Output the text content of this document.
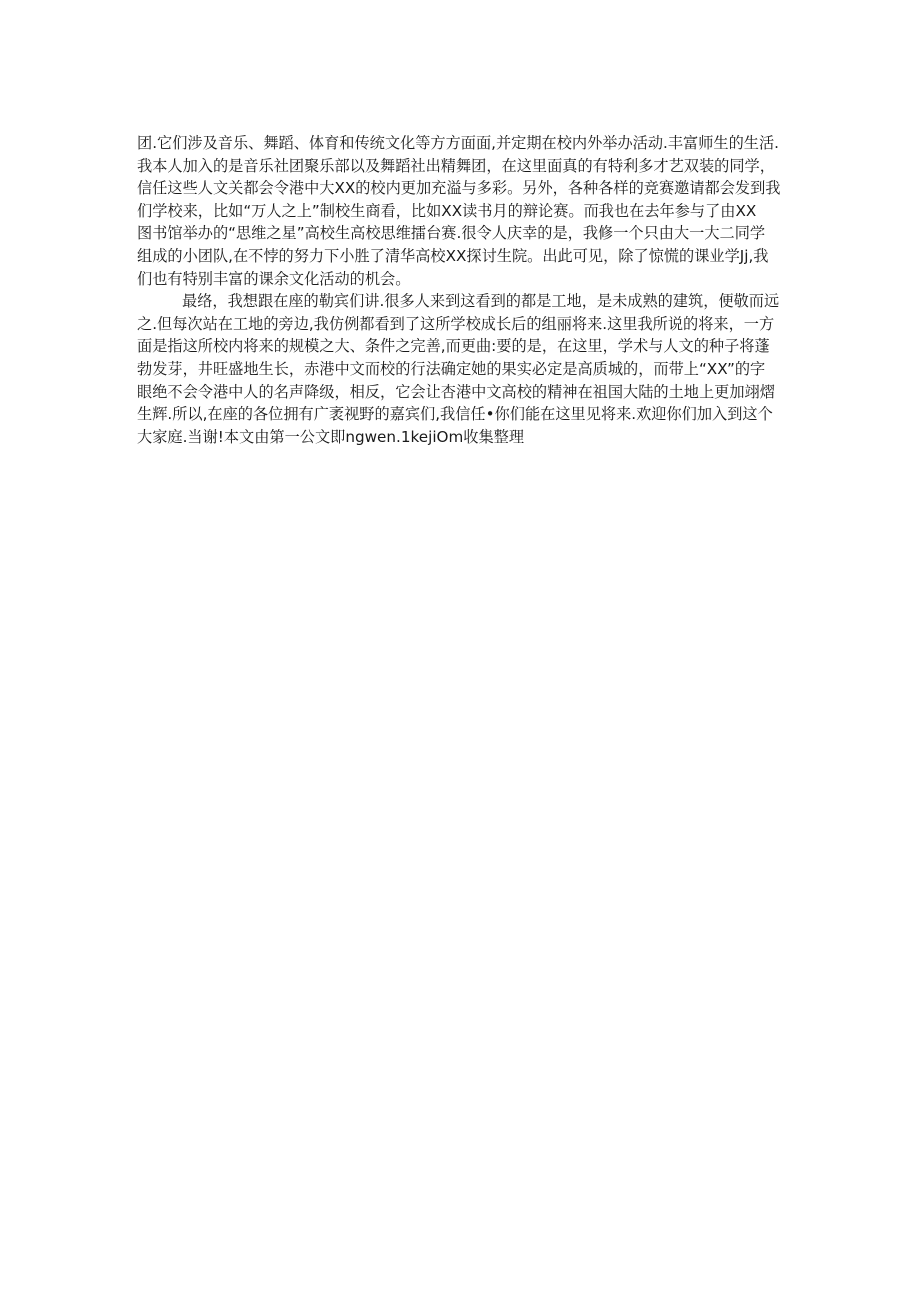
团.它们涉及音乐、舞蹈、体育和传统文化等方方面面,并定期在校内外举办活动.丰富师生的生活.
我本人加入的是音乐社团聚乐部以及舞蹈社出精舞团，在这里面真的有特利多才艺双装的同学，
信任这些人文关都会令港中大XX的校内更加充溢与多彩。另外，各种各样的竞赛邀请都会发到我
们学校来，比如“万人之上”制校生商看，比如XX读书月的辩论赛。而我也在去年参与了由XX
图书馆举办的“思维之星”高校生高校思维擂台赛.很令人庆幸的是，我修一个只由大一大二同学
组成的小团队,在不悖的努力下小胜了清华高校XX探讨生院。出此可见，除了惊慌的课业学Jj,我
们也有特别丰富的课余文化活动的机会。
最络，我想跟在座的勒宾们讲.很多人来到这看到的都是工地，是未成熟的建筑，便敬而远
之.但每次站在工地的旁边,我仿例都看到了这所学校成长后的组丽将来.这里我所说的将来，一方
面是指这所校内将来的规模之大、条件之完善,而更曲:要的是，在这里，学术与人文的种子将蓬
勃发芽，井旺盛地生长，赤港中文而校的行法确定她的果实必定是高质城的，而带上“XX”的字
眼绝不会令港中人的名声降级，相反，它会让杏港中文高校的精神在祖国大陆的土地上更加翊熠
生辉.所以,在座的各位拥有广袤视野的嘉宾们,我信任•你们能在这里见将来.欢迎你们加入到这个
大家庭.当谢!本文由第一公文即ngwen.1kejiOm收集整理
